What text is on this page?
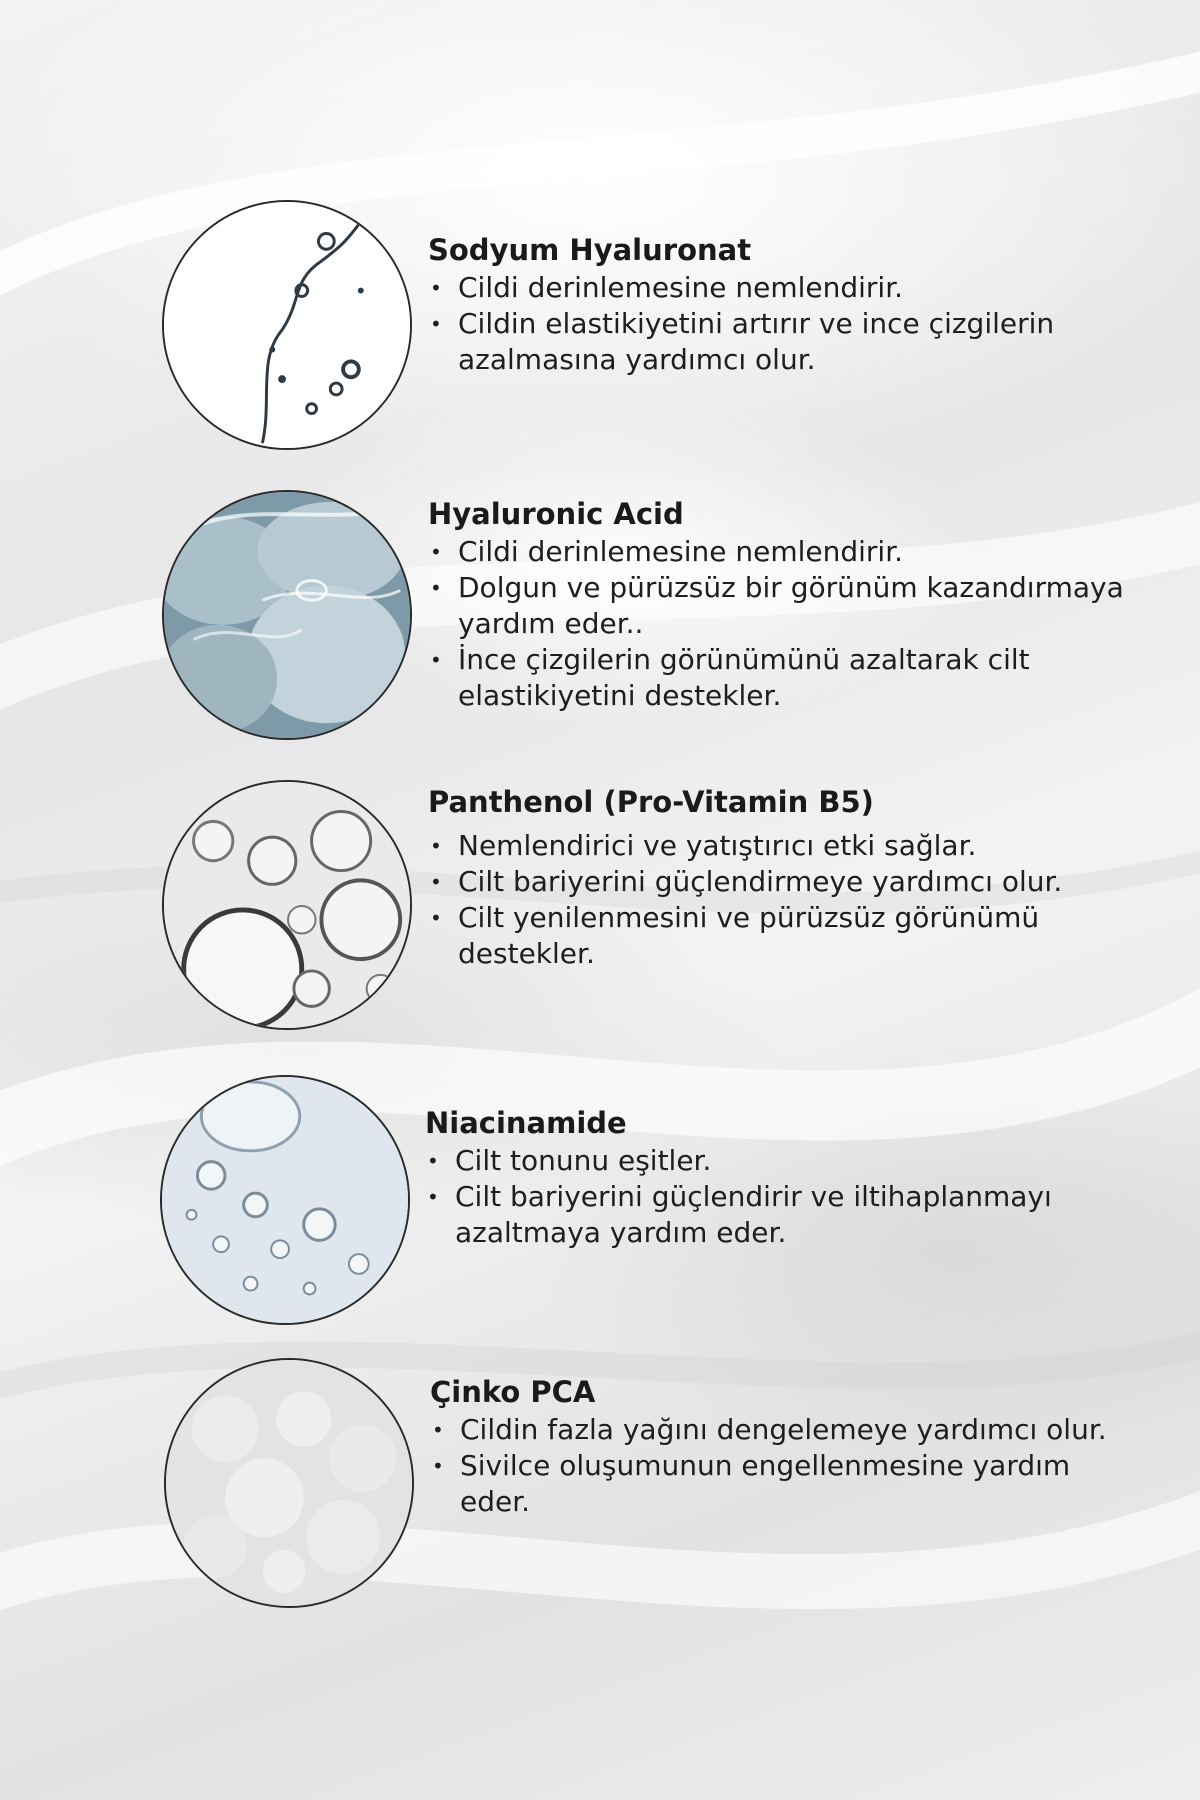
Sodyum Hyaluronat
• Cildi derinlemesine nemlendirir.
• Cildin elastikiyetini artırır ve ince çizgilerin azalmasına yardımcı olur.
Hyaluronic Acid
• Cildi derinlemesine nemlendirir.
• Dolgun ve pürüzsüz bir görünüm kazandırmaya yardım eder..
• İnce çizgilerin görünümünü azaltarak cilt elastikiyetini destekler.
Panthenol (Pro-Vitamin B5)
• Nemlendirici ve yatıştırıcı etki sağlar.
• Cilt bariyerini güçlendirmeye yardımcı olur.
• Cilt yenilenmesini ve pürüzsüz görünümü destekler.
Niacinamide
• Cilt tonunu eşitler.
• Cilt bariyerini güçlendirir ve iltihaplanmayı azaltmaya yardım eder.
Çinko PCA
• Cildin fazla yağını dengelemeye yardımcı olur.
• Sivilce oluşumunun engellenmesine yardım eder.
